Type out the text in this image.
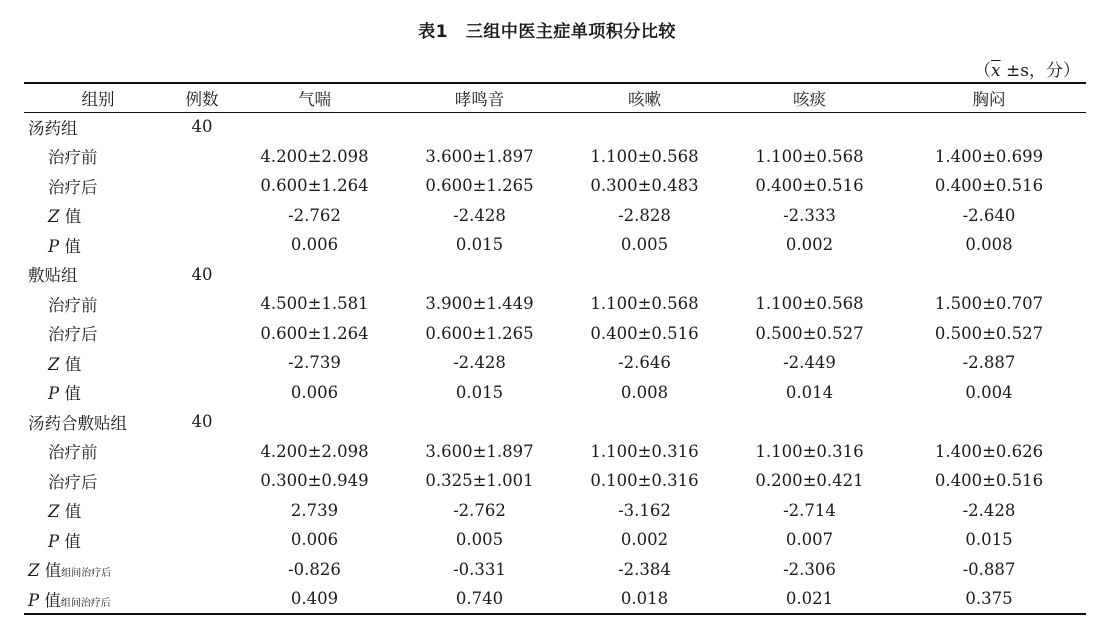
表1 三组中医主症单项积分比较
（$\overline{x} \pm s$，分）
组别	例数	气喘	哮鸣音	咳嗽	咳痰	胸闷
汤药组	40					
治疗前		4.200±2.098	3.600±1.897	1.100±0.568	1.100±0.568	1.400±0.699
治疗后		0.600±1.264	0.600±1.265	0.300±0.483	0.400±0.516	0.400±0.516
Z 值		-2.762	-2.428	-2.828	-2.333	-2.640
P 值		0.006	0.015	0.005	0.002	0.008
敷贴组	40					
治疗前		4.500±1.581	3.900±1.449	1.100±0.568	1.100±0.568	1.500±0.707
治疗后		0.600±1.264	0.600±1.265	0.400±0.516	0.500±0.527	0.500±0.527
Z 值		-2.739	-2.428	-2.646	-2.449	-2.887
P 值		0.006	0.015	0.008	0.014	0.004
汤药合敷贴组	40					
治疗前		4.200±2.098	3.600±1.897	1.100±0.316	1.100±0.316	1.400±0.626
治疗后		0.300±0.949	0.325±1.001	0.100±0.316	0.200±0.421	0.400±0.516
Z 值		2.739	-2.762	-3.162	-2.714	-2.428
P 值		0.006	0.005	0.002	0.007	0.015
Z 值组间治疗后		-0.826	-0.331	-2.384	-2.306	-0.887
P 值组间治疗后		0.409	0.740	0.018	0.021	0.375
